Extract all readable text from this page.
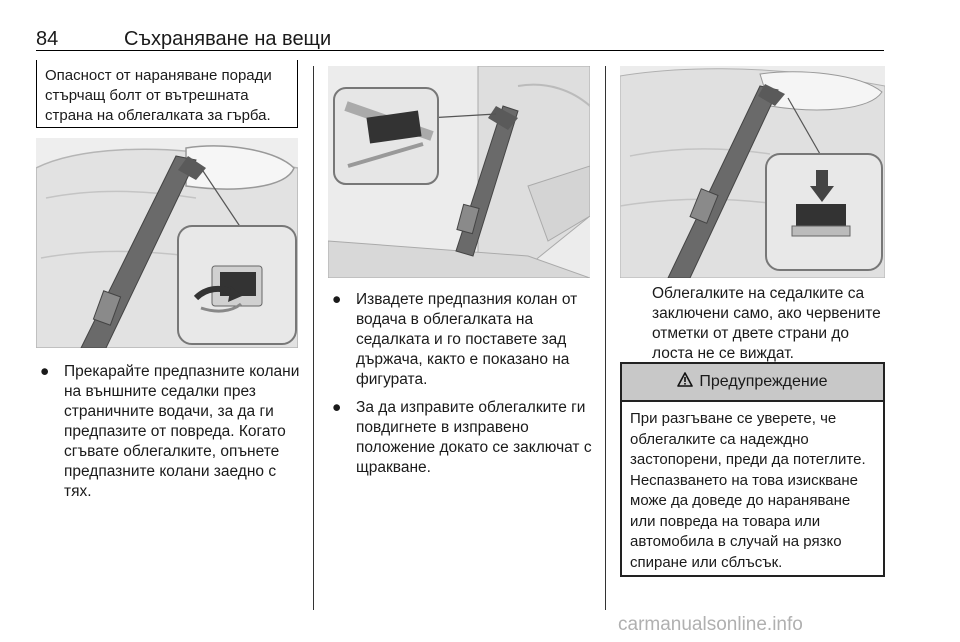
84	Съхраняване на вещи

Опасност от нараняване поради стърчащ болт от вътрешната страна на облегалката за гърба.

● Прекарайте предпазните колани на външните седалки през страничните водачи, за да ги предпазите от повреда. Когато сгъвате облегалките, опънете предпазните колани заедно с тях.
● Извадете предпазния колан от водача в облегалката на седалката и го поставете зад държача, както е показано на фигурата.
● За да изправите облегалките ги повдигнете в изправено положение докато се заключат с щракване.
Облегалките на седалките са заключени само, ако червените отметки от двете страни до лоста не се виждат.
Предупреждение
При разгъване се уверете, че облегалките са надеждно застопорени, преди да потеглите. Неспазването на това изискване може да доведе до нараняване или повреда на товара или автомобила в случай на рязко спиране или сблъсък.
carmanualsonline.info
